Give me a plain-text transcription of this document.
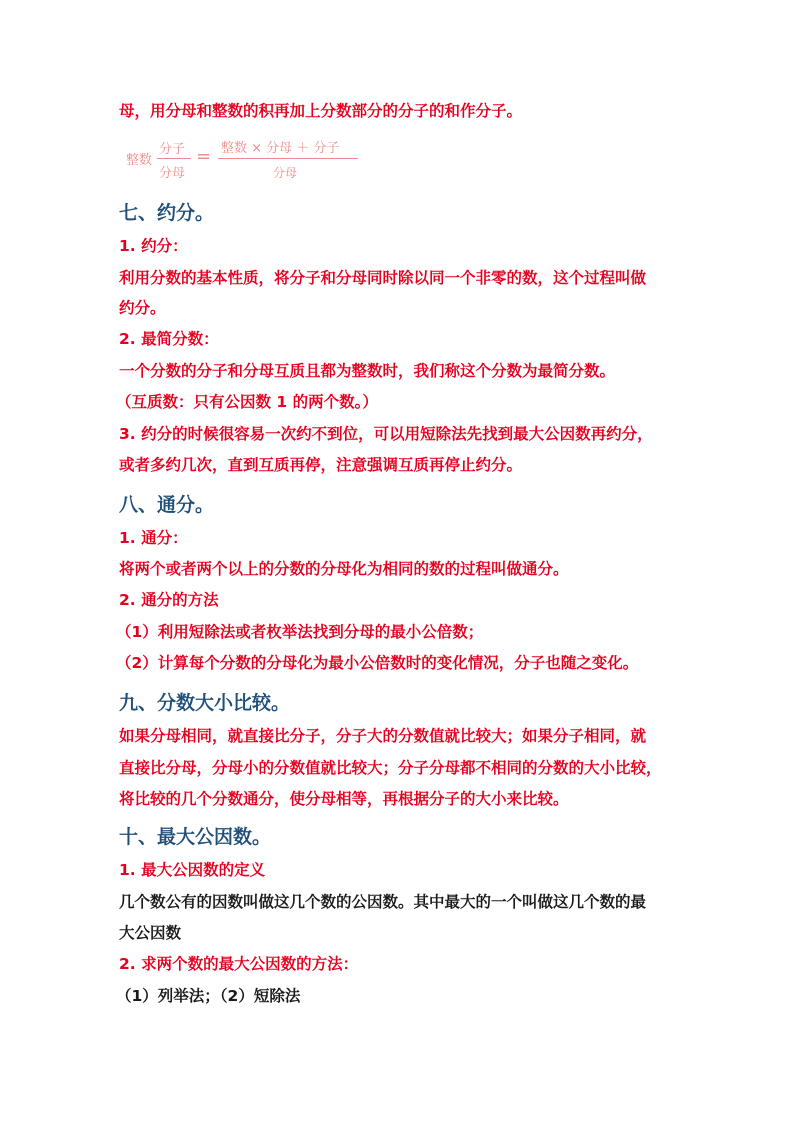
母，用分母和整数的积再加上分数部分的分子的和作分子。
整数
分子
分母
= 整数 × 分母 ＋ 分子
分母
七、约分。
1. 约分：
利用分数的基本性质，将分子和分母同时除以同一个非零的数，这个过程叫做
约分。
2. 最简分数：
一个分数的分子和分母互质且都为整数时，我们称这个分数为最简分数。
（互质数：只有公因数 1 的两个数。）
3. 约分的时候很容易一次约不到位，可以用短除法先找到最大公因数再约分，
或者多约几次，直到互质再停，注意强调互质再停止约分。
八、通分。
1. 通分：
将两个或者两个以上的分数的分母化为相同的数的过程叫做通分。
2. 通分的方法
（1）利用短除法或者枚举法找到分母的最小公倍数；
（2）计算每个分数的分母化为最小公倍数时的变化情况，分子也随之变化。
九、分数大小比较。
如果分母相同，就直接比分子，分子大的分数值就比较大；如果分子相同，就
直接比分母，分母小的分数值就比较大；分子分母都不相同的分数的大小比较，
将比较的几个分数通分，使分母相等，再根据分子的大小来比较。
十、最大公因数。
1. 最大公因数的定义
几个数公有的因数叫做这几个数的公因数。其中最大的一个叫做这几个数的最
大公因数
2. 求两个数的最大公因数的方法：
（1）列举法；（2）短除法
